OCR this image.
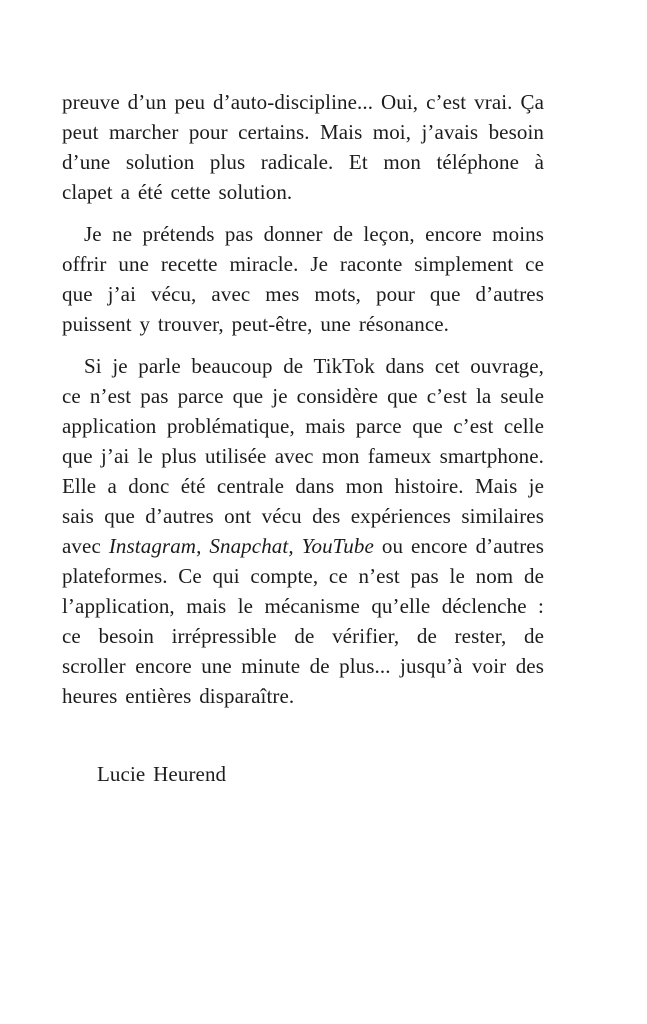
preuve d’un peu d’auto-discipline... Oui, c’est vrai. Ça peut marcher pour certains. Mais moi, j’avais besoin d’une solution plus radicale. Et mon téléphone à clapet a été cette solution.

Je ne prétends pas donner de leçon, encore moins offrir une recette miracle. Je raconte simplement ce que j’ai vécu, avec mes mots, pour que d’autres puissent y trouver, peut-être, une résonance.

Si je parle beaucoup de TikTok dans cet ouvrage, ce n’est pas parce que je considère que c’est la seule application problématique, mais parce que c’est celle que j’ai le plus utilisée avec mon fameux smartphone. Elle a donc été centrale dans mon histoire. Mais je sais que d’autres ont vécu des expériences similaires avec Instagram, Snapchat, YouTube ou encore d’autres plateformes. Ce qui compte, ce n’est pas le nom de l’application, mais le mécanisme qu’elle déclenche : ce besoin irrépressible de vérifier, de rester, de scroller encore une minute de plus... jusqu’à voir des heures entières disparaître.

Lucie Heurend
